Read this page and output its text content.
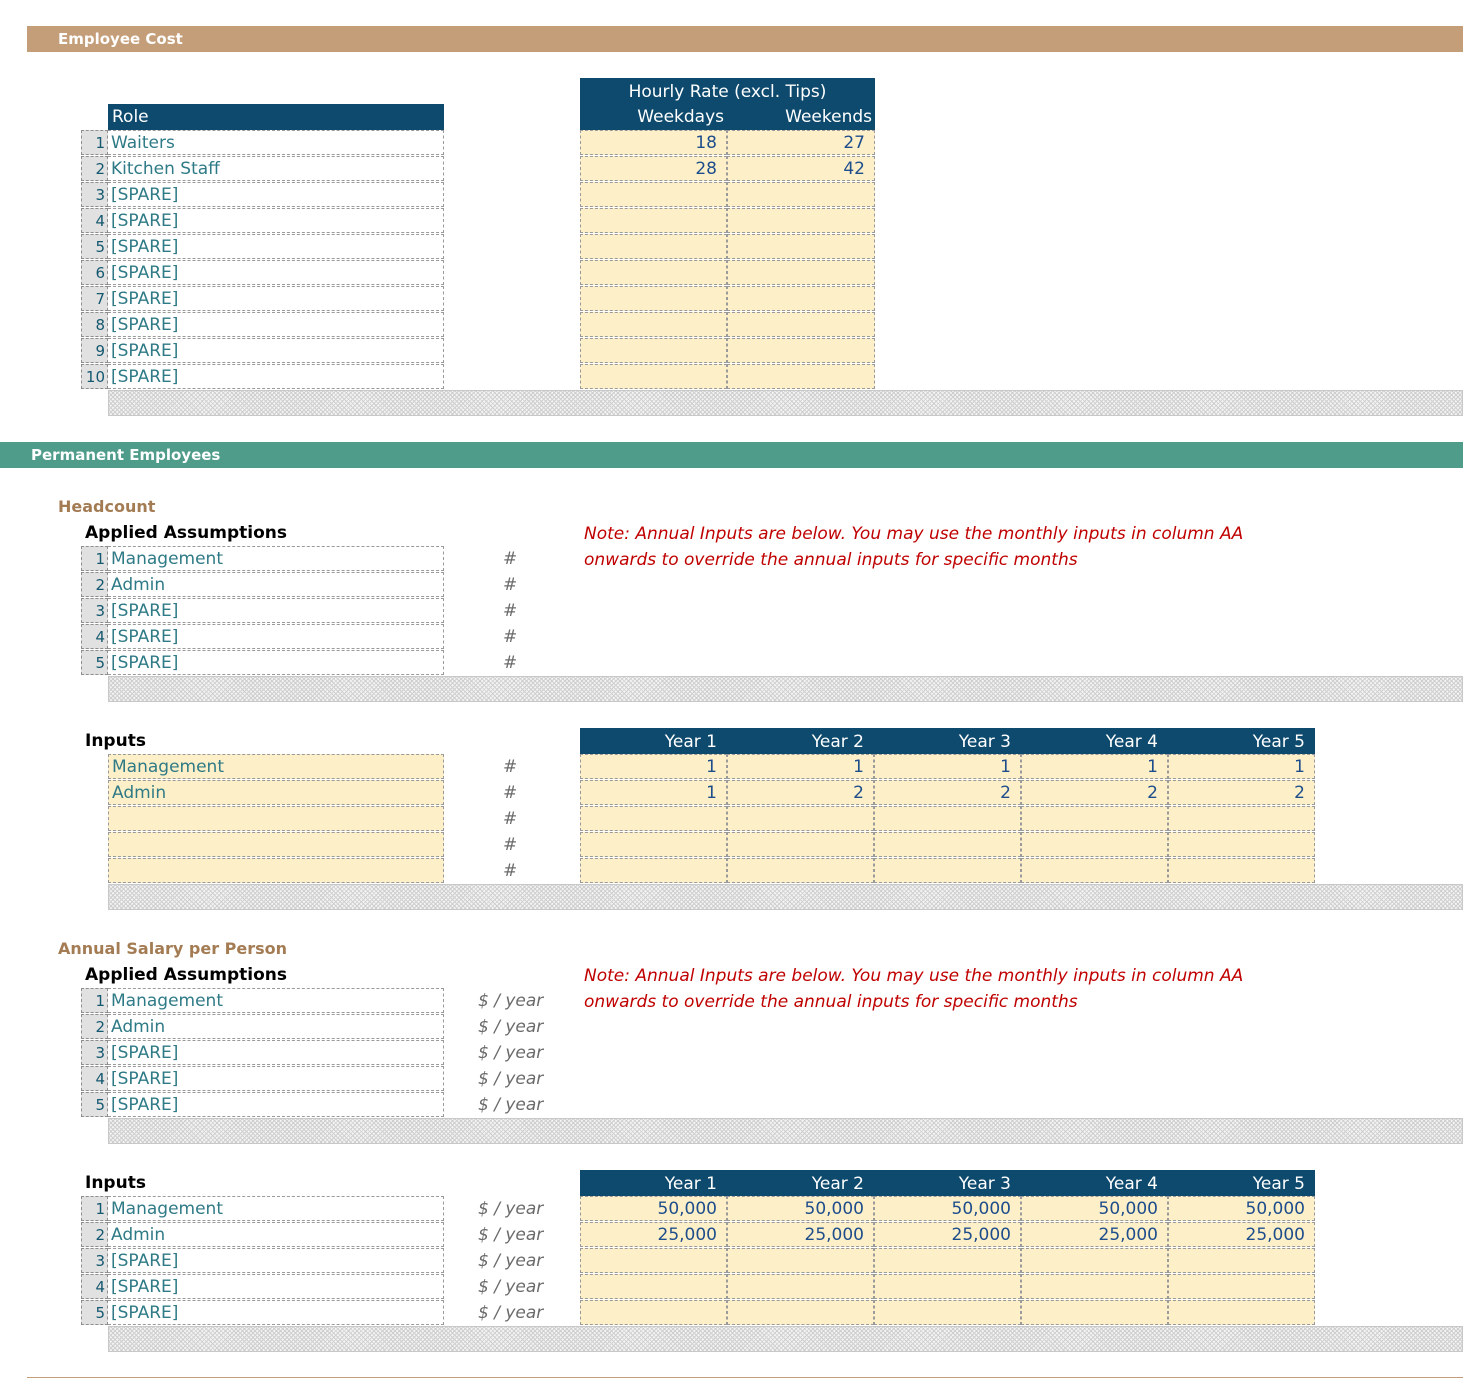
Employee Cost
Permanent Employees
Role
Hourly Rate (excl. Tips)
Weekdays	Weekends
Headcount
Applied Assumptions	Note: Annual Inputs are below. You may use the monthly inputs in column AA
onwards to override the annual inputs for specific months
Inputs
Annual Salary per Person
Applied Assumptions	Note: Annual Inputs are below. You may use the monthly inputs in column AA
onwards to override the annual inputs for specific months
Inputs
1 Waiters	18	27
2 Kitchen Staff	28	42
3 [SPARE]
4 [SPARE]
5 [SPARE]
6 [SPARE]
7 [SPARE]
8 [SPARE]
9 [SPARE]
10 [SPARE]
1 Management	#
2 Admin	#
3 [SPARE]	#
4 [SPARE]	#
5 [SPARE]	#
Year 1	Year 2	Year 3	Year 4	Year 5
Management	#	1	1	1	1	1
Admin	#	1	2	2	2	2
#
#
#
1 Management	$ / year
2 Admin	$ / year
3 [SPARE]	$ / year
4 [SPARE]	$ / year
5 [SPARE]	$ / year
Year 1	Year 2	Year 3	Year 4	Year 5
1 Management	$ / year	50,000	50,000	50,000	50,000	50,000
2 Admin	$ / year	25,000	25,000	25,000	25,000	25,000
3 [SPARE]	$ / year
4 [SPARE]	$ / year
5 [SPARE]	$ / year
